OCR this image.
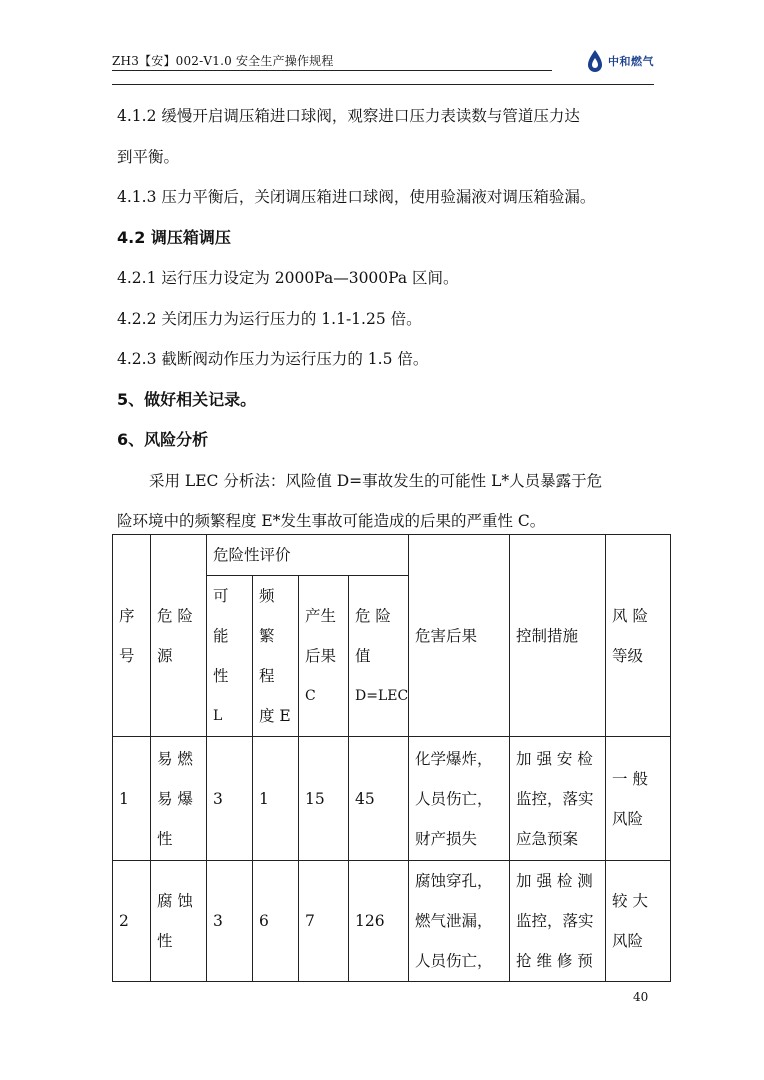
ZH3【安】002-V1.0 安全生产操作规程	中和燃气

4.1.2 缓慢开启调压箱进口球阀，观察进口压力表读数与管道压力达

到平衡。

4.1.3 压力平衡后，关闭调压箱进口球阀，使用验漏液对调压箱验漏。

4.2 调压箱调压

4.2.1 运行压力设定为 2000Pa—3000Pa 区间。

4.2.2 关闭压力为运行压力的 1.1-1.25 倍。

4.2.3 截断阀动作压力为运行压力的 1.5 倍。

5、做好相关记录。

6、风险分析

采用 LEC 分析法：风险值 D=事故发生的可能性 L*人员暴露于危

险环境中的频繁程度 E*发生事故可能造成的后果的严重性 C。

序
号	危 险
源	危险性评价				危害后果	控制措施	风 险
等级

		可
能
性
L	频
繁
程
度 E	产生
后果
C	危 险
值
D=LEC			

1	易 燃
易 爆
性	3	1	15	45	化学爆炸，
人员伤亡，
财产损失	加 强 安 检
监控，落实
应急预案	一 般
风险

2	腐 蚀
性	3	6	7	126	腐蚀穿孔，
燃气泄漏，
人员伤亡，	加 强 检 测
监控，落实
抢 维 修 预	较 大
风险
40
